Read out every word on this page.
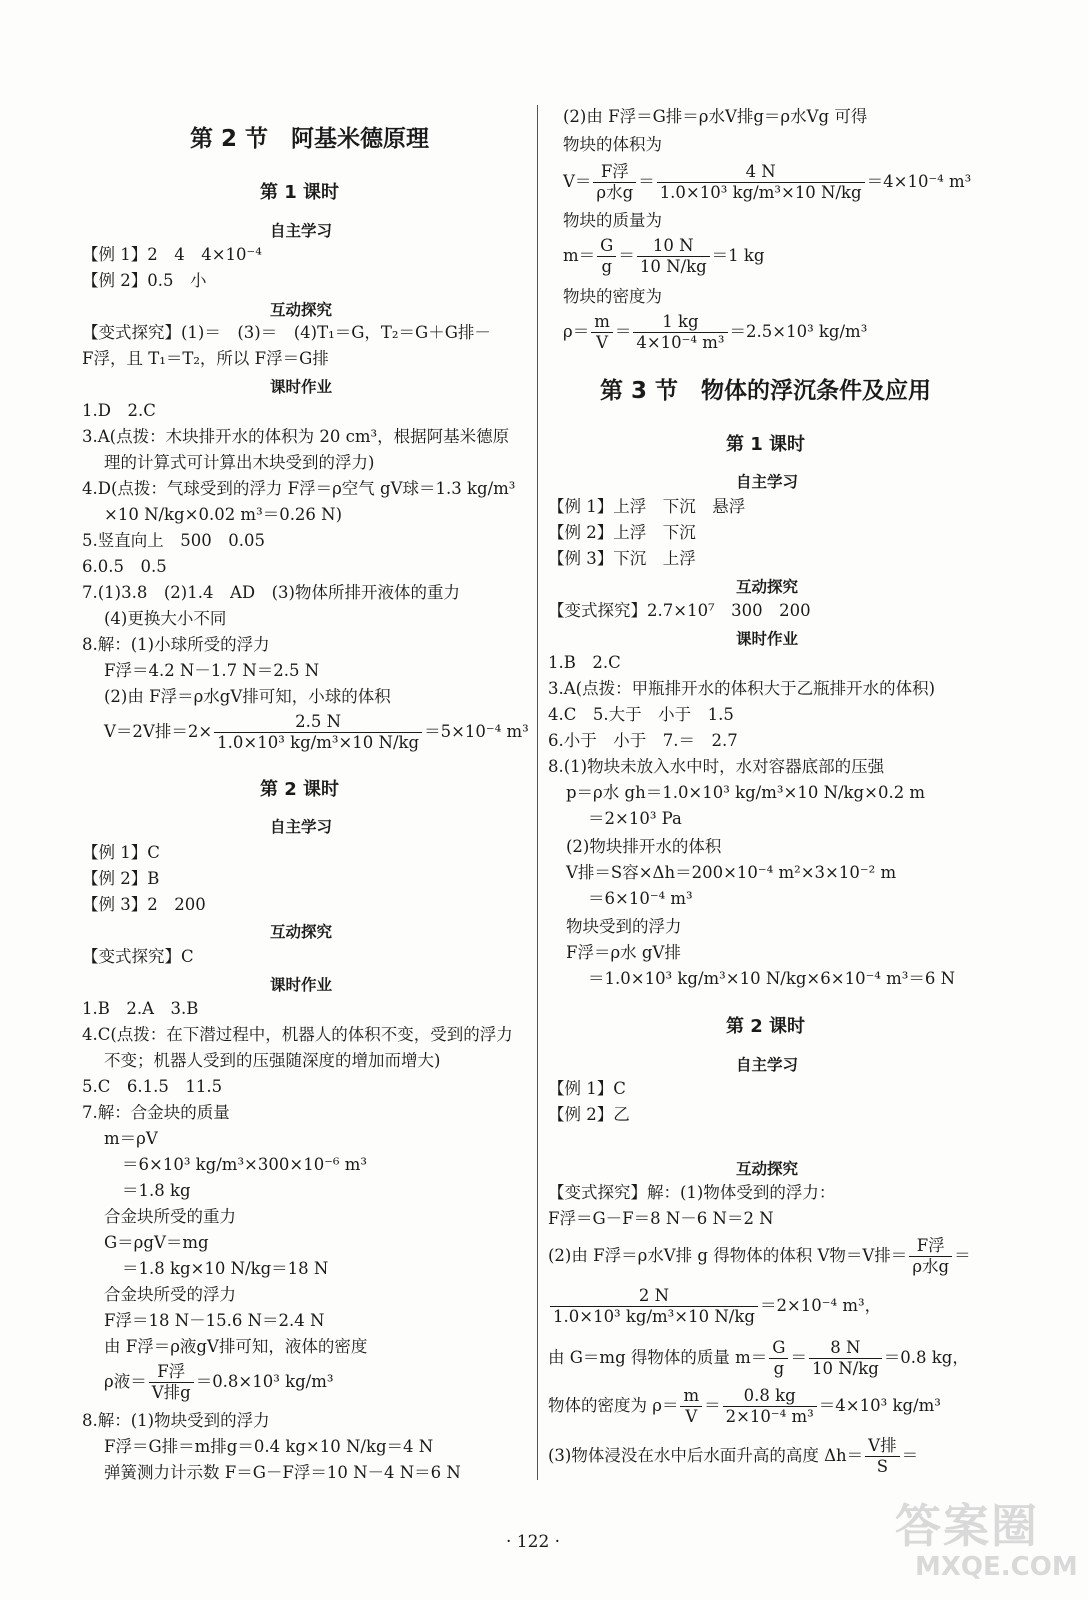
第 2 节　阿基米德原理
第 1 课时
自主学习
【例 1】2　4　4×10⁻⁴
【例 2】0.5　小
互动探究
【变式探究】(1)＝　(3)＝　(4)T₁＝G，T₂＝G＋G排－
F浮，且 T₁＝T₂，所以 F浮＝G排
课时作业
1.D　2.C
3.A(点拨：木块排开水的体积为 20 cm³，根据阿基米德原
理的计算式可计算出木块受到的浮力)
4.D(点拨：气球受到的浮力 F浮＝ρ空气 gV球＝1.3 kg/m³
×10 N/kg×0.02 m³＝0.26 N)
5.竖直向上　500　0.05
6.0.5　0.5
7.(1)3.8　(2)1.4　AD　(3)物体所排开液体的重力
(4)更换大小不同
8.解：(1)小球所受的浮力
F浮＝4.2 N－1.7 N＝2.5 N
(2)由 F浮＝ρ水gV排可知，小球的体积
V＝2V排$=2\times \frac{2.5 N}{\text{1.0×10³ kg/m³×10 N/kg}} =5\times 10^{-4}$ m³
第 2 课时
自主学习
【例 1】C
【例 2】B
【例 3】2　200
互动探究
【变式探究】C
课时作业
1.B　2.A　3.B
4.C(点拨：在下潜过程中，机器人的体积不变，受到的浮力
不变；机器人受到的压强随深度的增加而增大)
5.C　6.1.5　11.5
7.解：合金块的质量
m＝ρV
＝6×10³ kg/m³×300×10⁻⁶ m³
＝1.8 kg
合金块所受的重力
G＝ρgV＝mg
＝1.8 kg×10 N/kg＝18 N
合金块所受的浮力
F浮＝18 N－15.6 N＝2.4 N
由 F浮＝ρ液gV排可知，液体的密度
ρ液＝ $\frac{\text{F浮}}{\text{V排g}} =0.8\times 10^3$ kg/m³
8.解：(1)物块受到的浮力
F浮＝G排＝m排g＝0.4 kg×10 N/kg＝4 N
弹簧测力计示数 F＝G－F浮＝10 N－4 N＝6 N
(2)由 F浮＝G排＝ρ水V排g＝ρ水Vg 可得
物块的体积为
$V= \frac{\text{F浮}}{\text{ρ水g}} = \frac{4 N}{\text{1.0×10³ kg/m³×10 N/kg}} =4\times 10^{-4}$ m³
物块的质量为
$m= \frac{G}{g} = \frac{10 N}{10 N/kg} =1$ kg
物块的密度为
$\rho= \frac{m}{V} = \frac{1 kg}{\text{4×10⁻⁴ m³}} =2.5\times 10^3$ kg/m³
第 3 节　物体的浮沉条件及应用
第 1 课时
自主学习
【例 1】上浮　下沉　悬浮
【例 2】上浮　下沉
【例 3】下沉　上浮
互动探究
【变式探究】2.7×10⁷　300　200
课时作业
1.B　2.C
3.A(点拨：甲瓶排开水的体积大于乙瓶排开水的体积)
4.C　5.大于　小于　1.5
6.小于　小于　7.＝　2.7
8.(1)物块未放入水中时，水对容器底部的压强
p＝ρ水 gh＝1.0×10³ kg/m³×10 N/kg×0.2 m
＝2×10³ Pa
(2)物块排开水的体积
V排＝S容×Δh＝200×10⁻⁴ m²×3×10⁻² m
＝6×10⁻⁴ m³
物块受到的浮力
F浮＝ρ水 gV排
＝1.0×10³ kg/m³×10 N/kg×6×10⁻⁴ m³＝6 N
第 2 课时
自主学习
【例 1】C
【例 2】乙
互动探究
【变式探究】解：(1)物体受到的浮力：
F浮＝G－F＝8 N－6 N＝2 N
(2)由 F浮＝ρ水V排 g 得物体的体积 V物＝V排＝ $\frac{\text{F浮}}{\text{ρ水g}}$ ＝
$\frac{2 N}{\text{1.0×10³ kg/m³×10 N/kg}} =2\times 10^{-4}$ m³，
由 G＝mg 得物体的质量 $m= \frac{G}{g} = \frac{8 N}{10 N/kg} =0.8$ kg，
物体的密度为 $\rho= \frac{m}{V} = \frac{0.8 kg}{\text{2×10⁻⁴ m³}} =4\times 10^3$ kg/m³
(3)物体浸没在水中后水面升高的高度 $\Delta h= \frac{\text{V排}}{S}$ ＝
· 122 ·	答案圈
MXQE.COM
